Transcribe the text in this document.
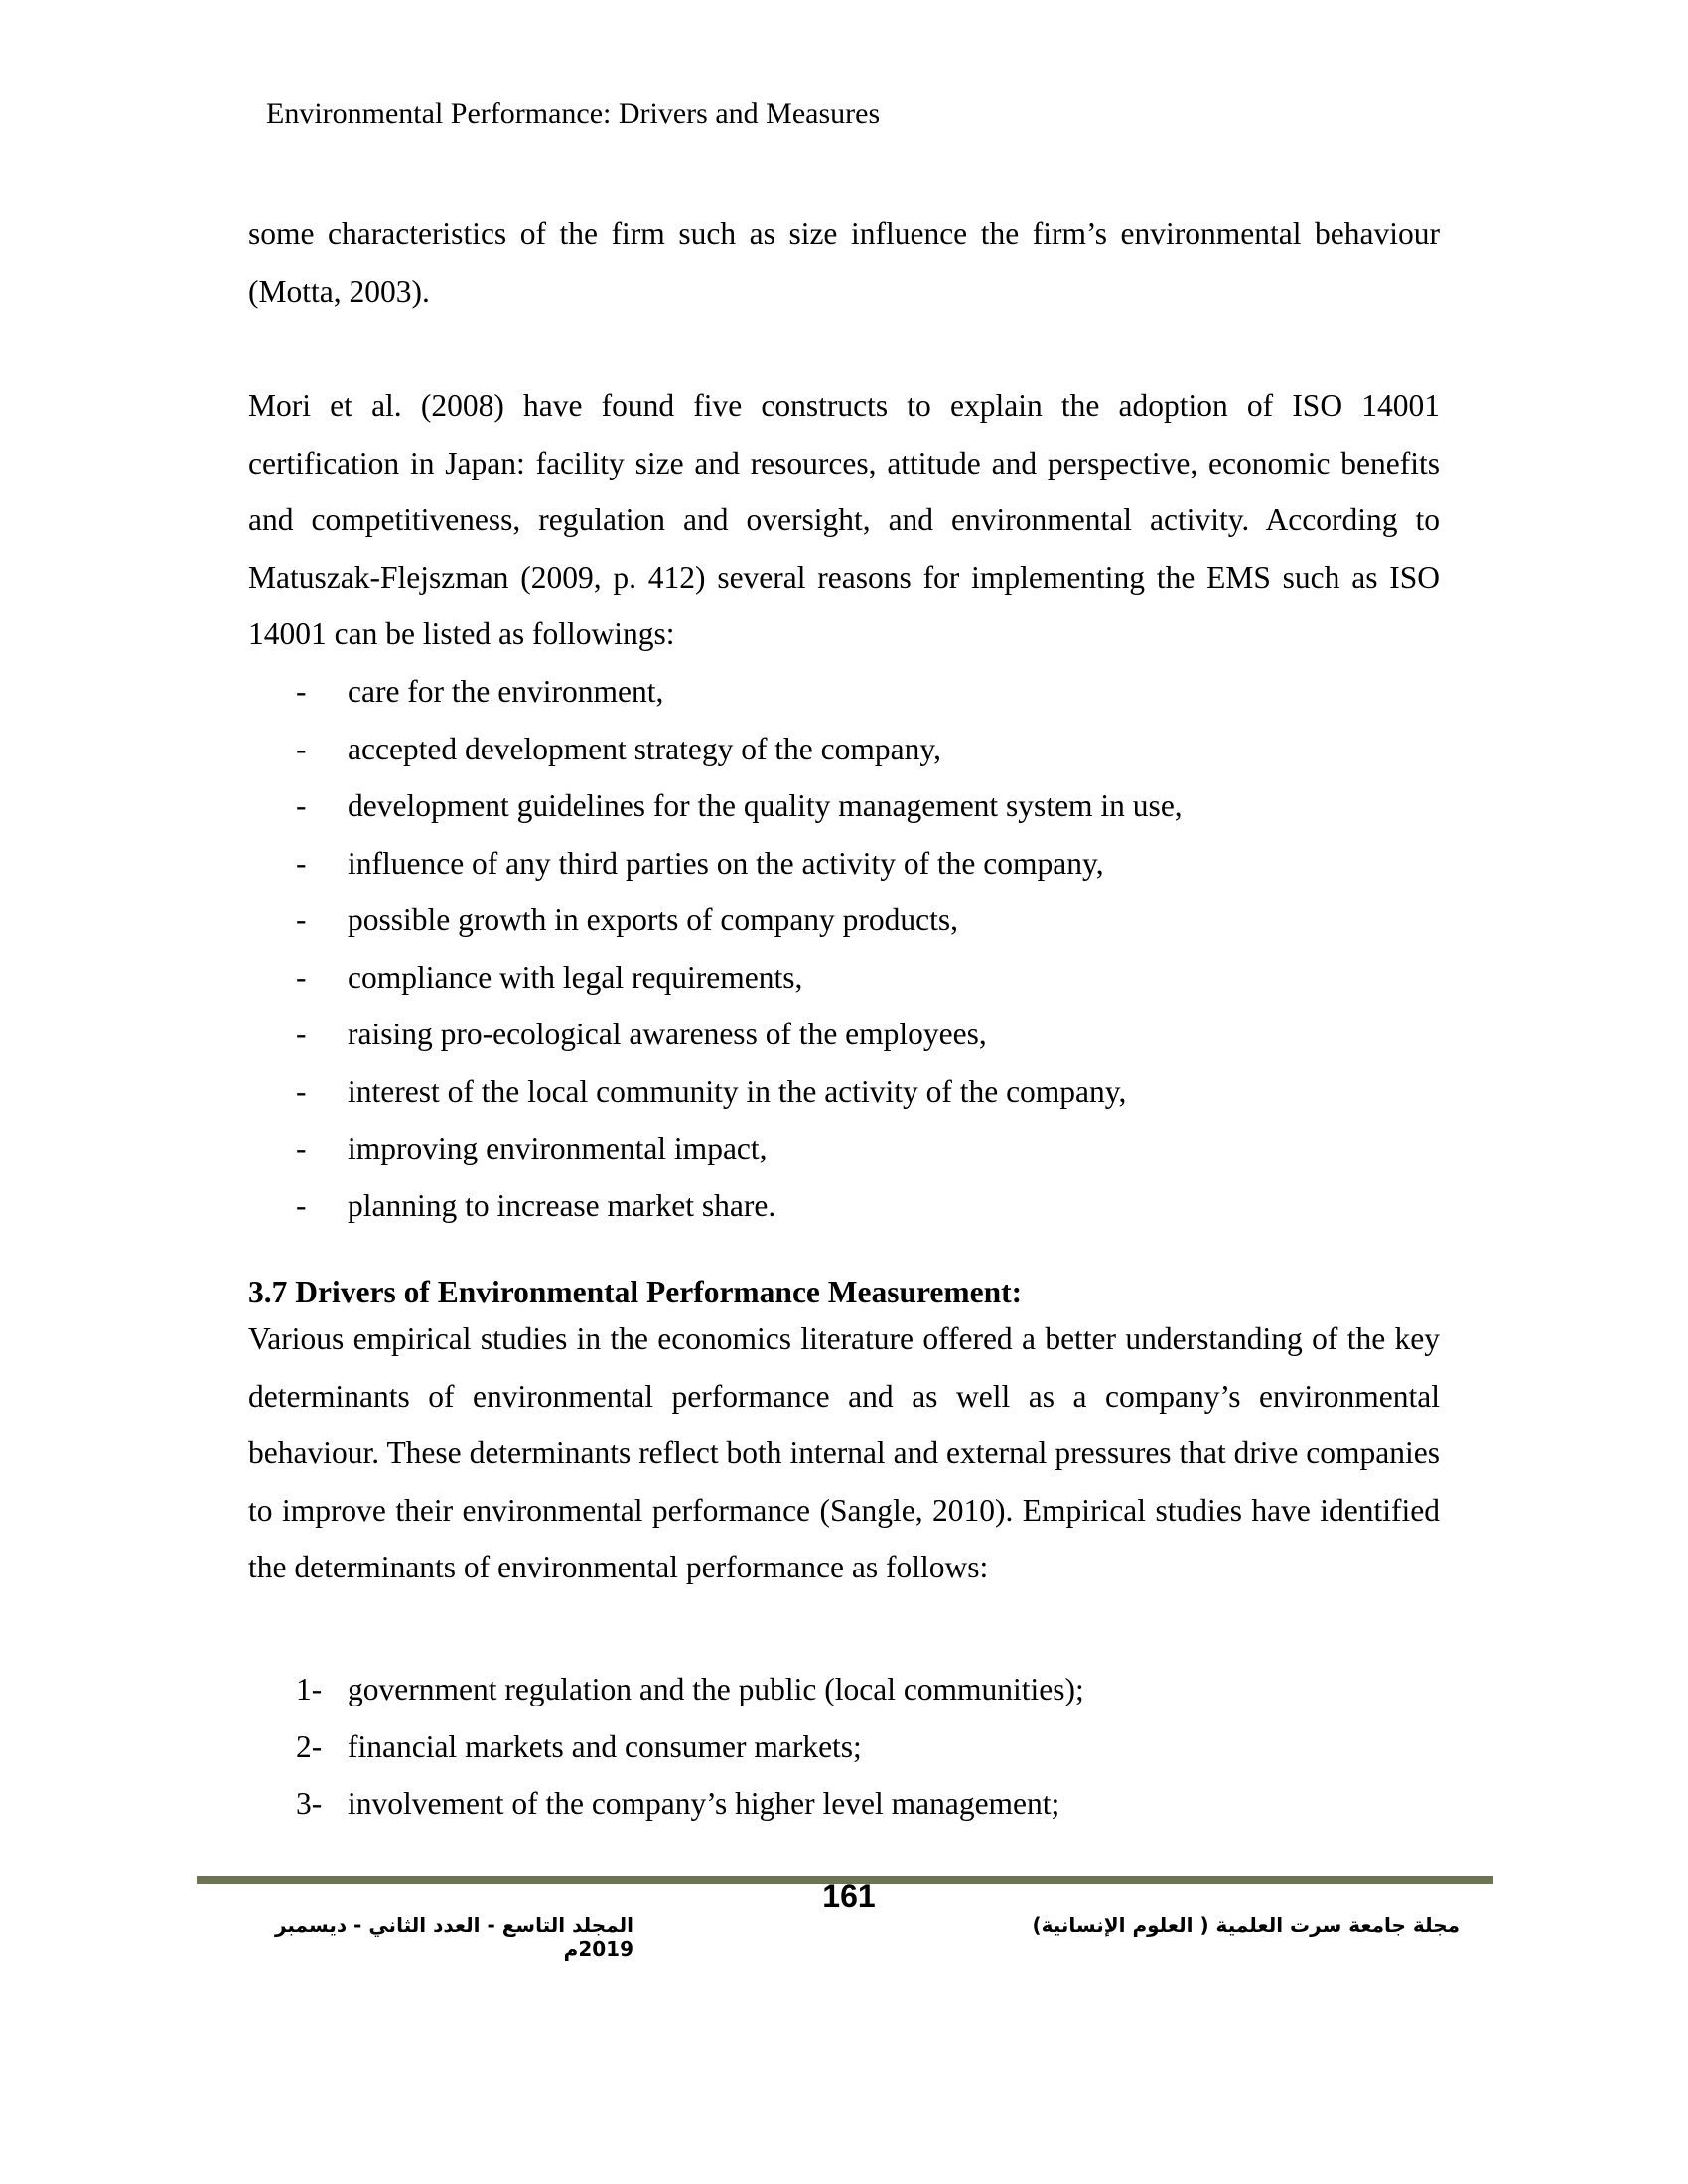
Environmental Performance: Drivers and Measures

some characteristics of the firm such as size influence the firm’s environmental behaviour (Motta, 2003).

Mori et al. (2008) have found five constructs to explain the adoption of ISO 14001 certification in Japan: facility size and resources, attitude and perspective, economic benefits and competitiveness, regulation and oversight, and environmental activity. According to Matuszak-Flejszman (2009, p. 412) several reasons for implementing the EMS such as ISO 14001 can be listed as followings:

- care for the environment,
- accepted development strategy of the company,
- development guidelines for the quality management system in use,
- influence of any third parties on the activity of the company,
- possible growth in exports of company products,
- compliance with legal requirements,
- raising pro-ecological awareness of the employees,
- interest of the local community in the activity of the company,
- improving environmental impact,
- planning to increase market share.
3.7 Drivers of Environmental Performance Measurement:

Various empirical studies in the economics literature offered a better understanding of the key determinants of environmental performance and as well as a company’s environmental behaviour. These determinants reflect both internal and external pressures that drive companies to improve their environmental performance (Sangle, 2010). Empirical studies have identified the determinants of environmental performance as follows:

1- government regulation and the public (local communities);
2- financial markets and consumer markets;
3- involvement of the company’s higher level management;
161
المجلد التاسع - العدد الثاني - ديسمبر 2019م
مجلة جامعة سرت العلمية ( العلوم الإنسانية)
